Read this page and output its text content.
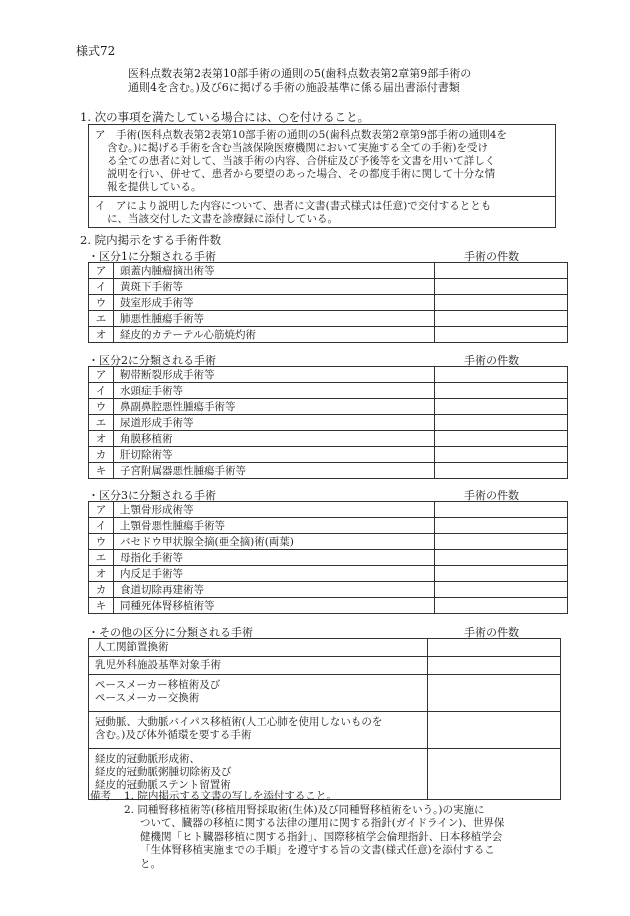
様式72
医科点数表第2表第10部手術の通則の5(歯科点数表第2章第9部手術の
通則4を含む。)及び6に掲げる手術の施設基準に係る届出書添付書類
1. 次の事項を満たしている場合には、○を付けること。
ア　手術(医科点数表第2表第10部手術の通則の5(歯科点数表第2章第9部手術の通則4を
含む。)に掲げる手術を含む当該保険医療機関において実施する全ての手術)を受け
る全ての患者に対して、当該手術の内容、合併症及び予後等を文書を用いて詳しく
説明を行い、併せて、患者から要望のあった場合、その都度手術に関して十分な情
報を提供している。
イ　アにより説明した内容について、患者に文書(書式様式は任意)で交付するととも
に、当該交付した文書を診療録に添付している。
2. 院内掲示をする手術件数
・区分1に分類される手術	手術の件数
ア	頭蓋内腫瘤摘出術等	
イ	黄斑下手術等	
ウ	鼓室形成手術等	
エ	肺悪性腫瘍手術等	
オ	経皮的カテーテル心筋焼灼術	
・区分2に分類される手術	手術の件数
ア	靭帯断裂形成手術等	
イ	水頭症手術等	
ウ	鼻副鼻腔悪性腫瘍手術等	
エ	尿道形成手術等	
オ	角膜移植術	
カ	肝切除術等	
キ	子宮附属器悪性腫瘍手術等	
・区分3に分類される手術	手術の件数
ア	上顎骨形成術等	
イ	上顎骨悪性腫瘍手術等	
ウ	バセドウ甲状腺全摘(亜全摘)術(両葉)	
エ	母指化手術等	
オ	内反足手術等	
カ	食道切除再建術等	
キ	同種死体腎移植術等	
・その他の区分に分類される手術	手術の件数
人工関節置換術	

乳児外科施設基準対象手術	

ペースメーカー移植術及び
ペースメーカー交換術	

冠動脈、大動脈バイパス移植術(人工心肺を使用しないものを
含む。)及び体外循環を要する手術	

経皮的冠動脈形成術、
経皮的冠動脈粥腫切除術及び
経皮的冠動脈ステント留置術	

備考 1. 院内掲示する文書の写しを添付すること。
2. 同種腎移植術等(移植用腎採取術(生体)及び同種腎移植術をいう。)の実施に
ついて、臓器の移植に関する法律の運用に関する指針(ガイドライン)、世界保
健機関「ヒト臓器移植に関する指針」、国際移植学会倫理指針、日本移植学会
「生体腎移植実施までの手順」を遵守する旨の文書(様式任意)を添付するこ
と。
